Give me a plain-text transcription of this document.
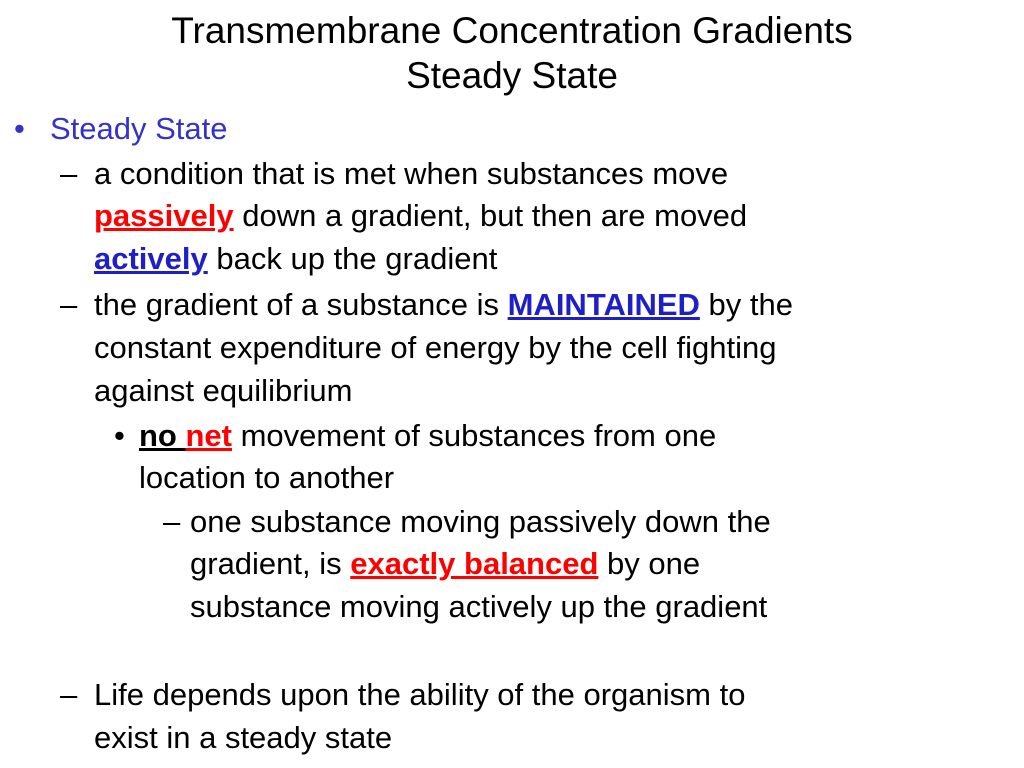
Transmembrane Concentration Gradients
Steady State
• Steady State
– a condition that is met when substances move
passively down a gradient, but then are moved
actively back up the gradient
– the gradient of a substance is MAINTAINED by the
constant expenditure of energy by the cell fighting
against equilibrium
• no net movement of substances from one
location to another
– one substance moving passively down the
gradient, is exactly balanced by one
substance moving actively up the gradient
– Life depends upon the ability of the organism to
exist in a steady state
